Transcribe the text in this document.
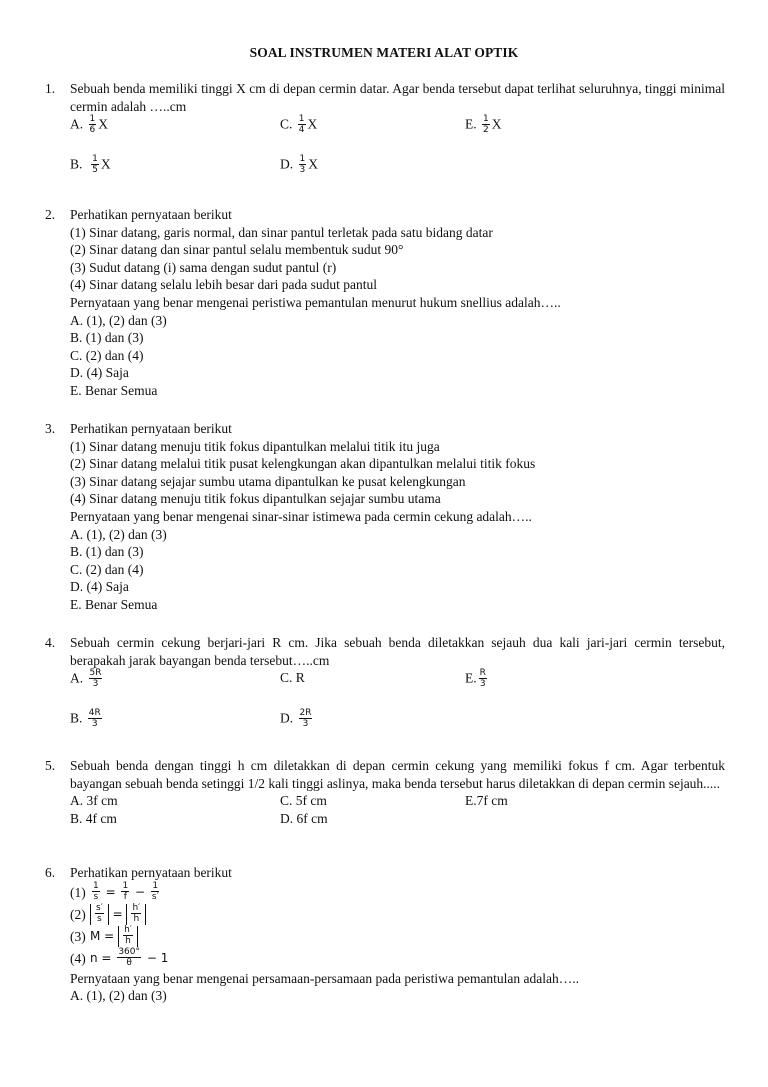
SOAL INSTRUMEN MATERI ALAT OPTIK
1. Sebuah benda memiliki tinggi X cm di depan cermin datar. Agar benda tersebut dapat terlihat seluruhnya, tinggi minimal cermin adalah …..cm
A. $\frac{1}{6}$ X	C. $\frac{1}{4}$ X	E. $\frac{1}{2}$ X
B. $\frac{1}{5}$ X	D. $\frac{1}{3}$ X
2. Perhatikan pernyataan berikut
(1) Sinar datang, garis normal, dan sinar pantul terletak pada satu bidang datar
(2) Sinar datang dan sinar pantul selalu membentuk sudut 90°
(3) Sudut datang (i) sama dengan sudut pantul (r)
(4) Sinar datang selalu lebih besar dari pada sudut pantul
Pernyataan yang benar mengenai peristiwa pemantulan menurut hukum snellius adalah…..
A. (1), (2) dan (3)
B. (1) dan (3)
C. (2) dan (4)
D. (4) Saja
E. Benar Semua
3. Perhatikan pernyataan berikut
(1) Sinar datang menuju titik fokus dipantulkan melalui titik itu juga
(2) Sinar datang melalui titik pusat kelengkungan akan dipantulkan melalui titik fokus
(3) Sinar datang sejajar sumbu utama dipantulkan ke pusat kelengkungan
(4) Sinar datang menuju titik fokus dipantulkan sejajar sumbu utama
Pernyataan yang benar mengenai sinar-sinar istimewa pada cermin cekung adalah…..
A. (1), (2) dan (3)
B. (1) dan (3)
C. (2) dan (4)
D. (4) Saja
E. Benar Semua
4. Sebuah cermin cekung berjari-jari R cm. Jika sebuah benda diletakkan sejauh dua kali jari-jari cermin tersebut, berapakah jarak bayangan benda tersebut…..cm
A. $\frac{5R}{3}$	C. R	E. $\frac{R}{3}$
B. $\frac{4R}{3}$	D. $\frac{2R}{3}$
5. Sebuah benda dengan tinggi h cm diletakkan di depan cermin cekung yang memiliki fokus f cm. Agar terbentuk bayangan sebuah benda setinggi 1/2 kali tinggi aslinya, maka benda tersebut harus diletakkan di depan cermin sejauh.....
A. 3f cm	C. 5f cm	E.7f cm
B. 4f cm	D. 6f cm
6. Perhatikan pernyataan berikut
$(1) \frac{1}{s} = \frac{1}{f} - \frac{1}{s'}$
(2)	$\frac{s'}{s} = \frac{h'}{h}$
(3) $M = \frac{h'}{h}$
(4) $n = \frac{360^\circ}{\theta} - 1$
Pernyataan yang benar mengenai persamaan-persamaan pada peristiwa pemantulan adalah…..
A. (1), (2) dan (3)
